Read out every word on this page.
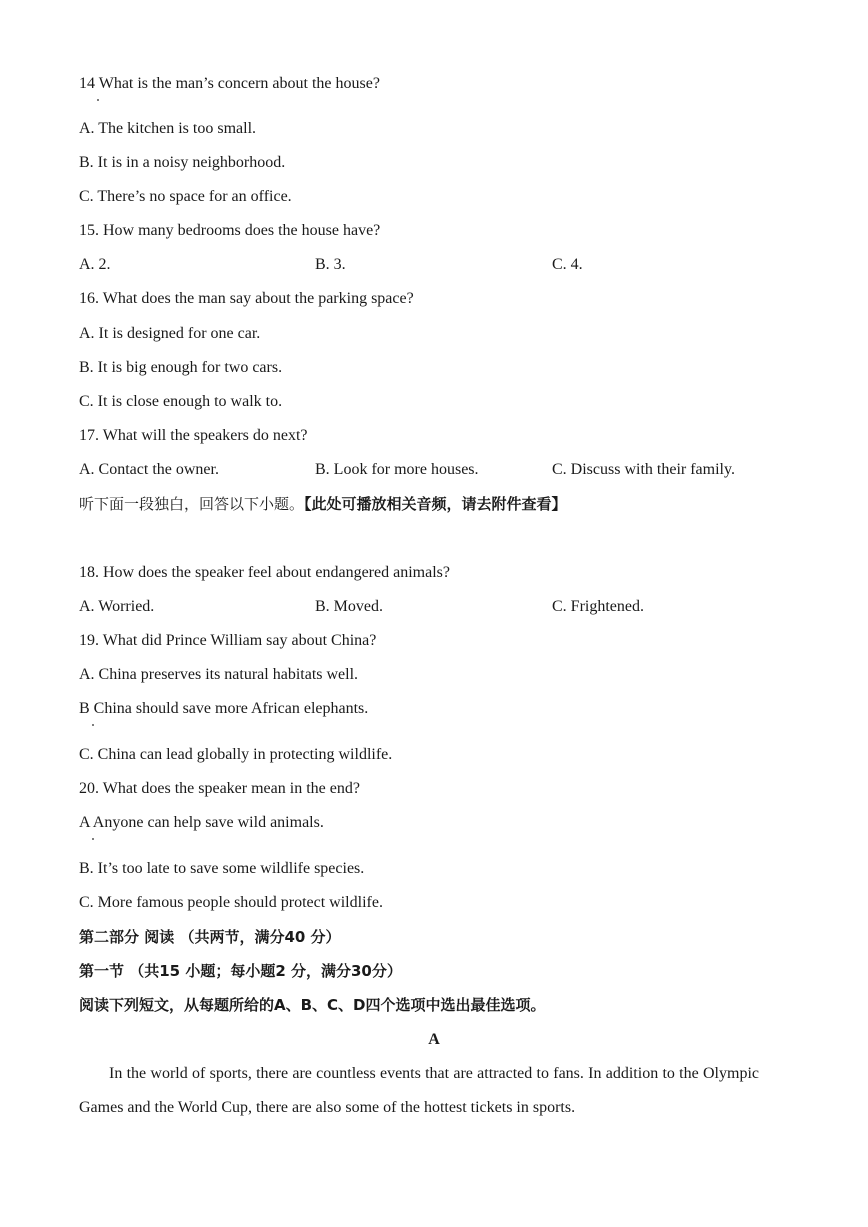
14 What is the man’s concern about the house?
A. The kitchen is too small.
B. It is in a noisy neighborhood.
C. There’s no space for an office.
15. How many bedrooms does the house have?
A. 2.	B. 3.	C. 4.
16. What does the man say about the parking space?
A. It is designed for one car.
B. It is big enough for two cars.
C. It is close enough to walk to.
17. What will the speakers do next?
A. Contact the owner.	B. Look for more houses.	C. Discuss with their family.
听下面一段独白，回答以下小题。【此处可播放相关音频，请去附件查看】
18. How does the speaker feel about endangered animals?
A. Worried.	B. Moved.	C. Frightened.
19. What did Prince William say about China?
A. China preserves its natural habitats well.
B China should save more African elephants.
C. China can lead globally in protecting wildlife.
20. What does the speaker mean in the end?
A Anyone can help save wild animals.
B. It’s too late to save some wildlife species.
C. More famous people should protect wildlife.
第二部分 阅读 （共两节，满分40 分）
第一节 （共15 小题；每小题2 分，满分30分）
阅读下列短文，从每题所给的A、B、C、D四个选项中选出最佳选项。
A
In the world of sports, there are countless events that are attracted to fans. In addition to the Olympic Games and the World Cup, there are also some of the hottest tickets in sports.
